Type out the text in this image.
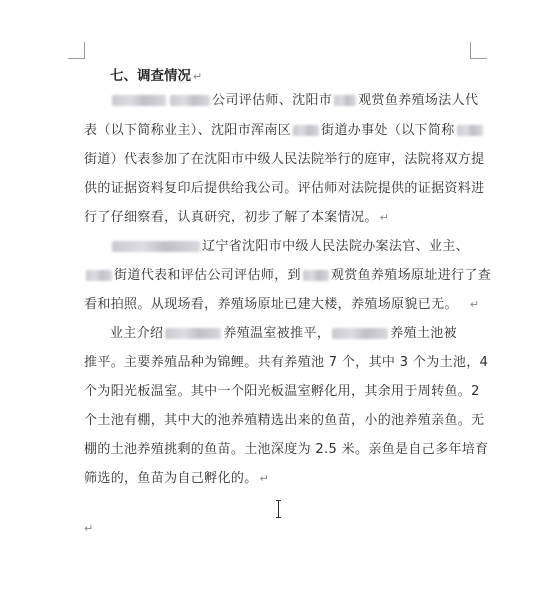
七、调查情况 ↵
公司评估师、沈阳市 观赏鱼养殖场法人代
表（以下简称业主）、沈阳市浑南区 街道办事处（以下简称
街道）代表参加了在沈阳市中级人民法院举行的庭审，法院将双方提
供的证据资料复印后提供给我公司。评估师对法院提供的证据资料进
行了仔细察看，认真研究，初步了解了本案情况。 ↵
辽宁省沈阳市中级人民法院办案法官、业主、
街道代表和评估公司评估师，到 观赏鱼养殖场原址进行了查
看和拍照。从现场看，养殖场原址已建大楼，养殖场原貌已无。 ↵
业主介绍	养殖温室被推平，	养殖土池被
推平。主要养殖品种为锦鲤。共有养殖池 7 个，其中 3 个为土池，4
个为阳光板温室。其中一个阳光板温室孵化用，其余用于周转鱼。2
个土池有棚，其中大的池养殖精选出来的鱼苗，小的池养殖亲鱼。无
棚的土池养殖挑剩的鱼苗。土池深度为 2.5 米。亲鱼是自己多年培育
筛选的，鱼苗为自己孵化的。 ↵
↵
